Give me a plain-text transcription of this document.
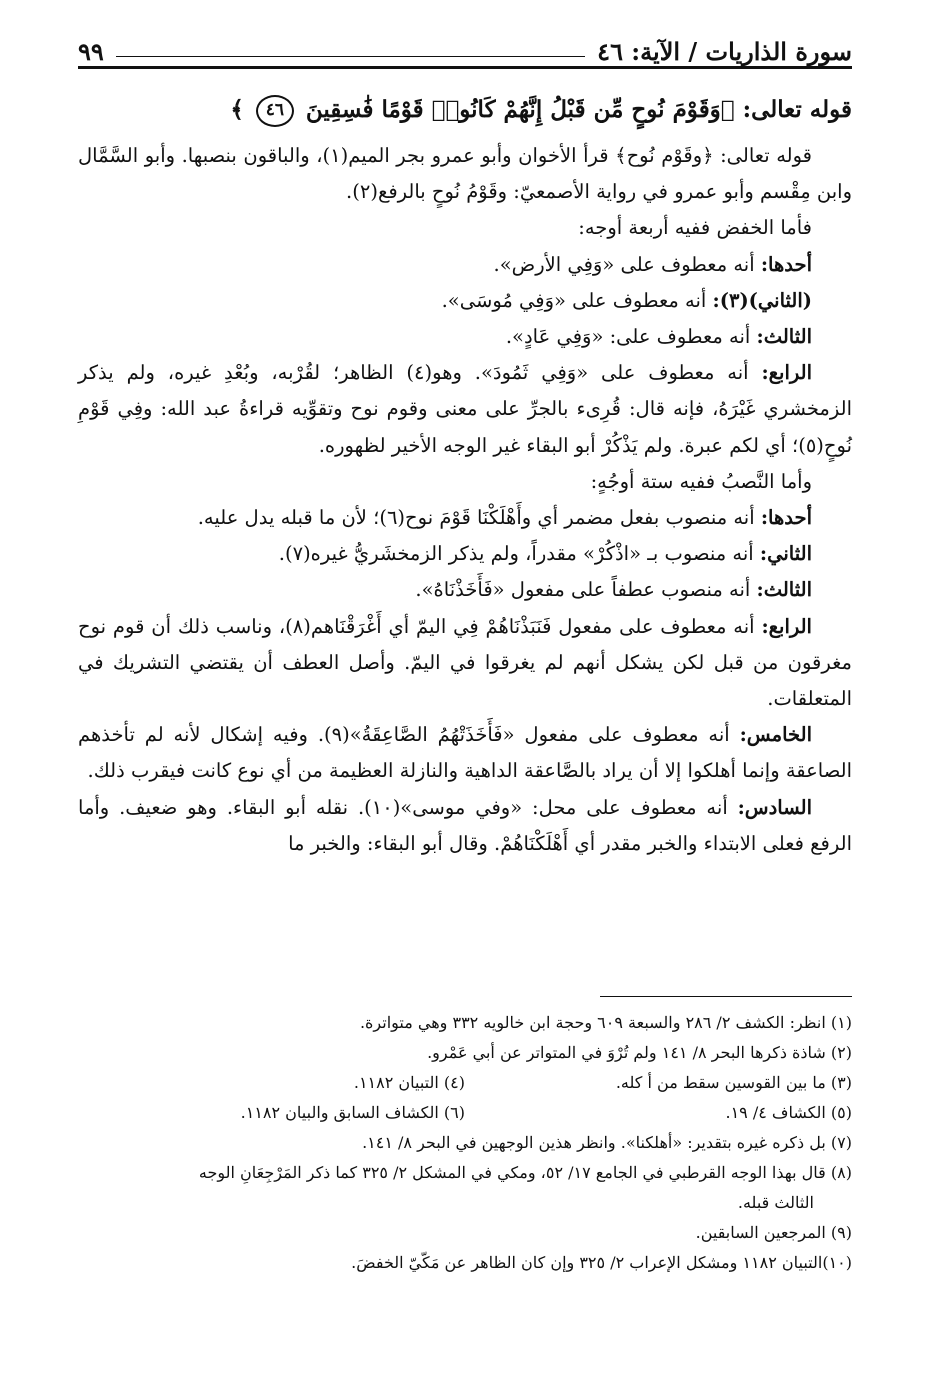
سورة الذاريات / الآية: ٤٦
٩٩

قوله تعالى: ﴿وَقَوْمَ نُوحٍ مِّن قَبْلُ إِنَّهُمْ كَانُوا۟ قَوْمًا فَٰسِقِينَ ٤٦ ﴾

قوله تعالى: ﴿وقَوْم نُوح﴾ قرأ الأخوان وأبو عمرو بجر الميم(١)، والباقون بنصبها. وأبو السَّمَّال وابن مِقْسم وأبو عمرو في رواية الأصمعيّ: وقَوْمُ نُوحٍ بالرفع(٢).

فأما الخفض ففيه أربعة أوجه:

أحدها: أنه معطوف على «وَفِي الأرض».

(الثاني)(٣): أنه معطوف على «وَفِي مُوسَى».

الثالث: أنه معطوف على: «وَفِي عَادٍ».

الرابع: أنه معطوف على «وَفِي ثَمُودَ». وهو(٤) الظاهر؛ لقُرْبه، وبُعْدِ غيره، ولم يذكر الزمخشري غَيْرَهُ، فإنه قال: قُرِىء بالجرِّ على معنى وقوم نوح وتقوِّيه قراءةُ عبد الله: وفِي قَوْمِ نُوحٍ(٥)؛ أي لكم عبرة. ولم يَذْكُرْ أبو البقاء غير الوجه الأخير لظهوره.

وأما النَّصبُ ففيه ستة أوجُهٍ:

أحدها: أنه منصوب بفعل مضمر أي وأَهْلَكْنَا قَوْمَ نوح(٦)؛ لأن ما قبله يدل عليه.

الثاني: أنه منصوب بـ «اذْكُرْ» مقدراً، ولم يذكر الزمخشَريُّ غيره(٧).

الثالث: أنه منصوب عطفاً على مفعول «فَأَخَذْنَاهُ».

الرابع: أنه معطوف على مفعول فَنَبَذْنَاهُمْ فِي اليمّ أي أَغْرَقْنَاهم(٨)، وناسب ذلك أن قوم نوح مغرقون من قبل لكن يشكل أنهم لم يغرقوا في اليمّ. وأصل العطف أن يقتضي التشريك في المتعلقات.

الخامس: أنه معطوف على مفعول «فَأَخَذَتْهُمُ الصَّاعِقَةُ»(٩). وفيه إشكال لأنه لم تأخذهم الصاعقة وإنما أهلكوا إلا أن يراد بالصَّاعقة الداهية والنازلة العظيمة من أي نوع كانت فيقرب ذلك.

السادس: أنه معطوف على محل: «وفي موسى»(١٠). نقله أبو البقاء. وهو ضعيف. وأما الرفع فعلى الابتداء والخبر مقدر أي أَهْلَكْنَاهُمْ. وقال أبو البقاء: والخبر ما

(١) انظر: الكشف ٢/ ٢٨٦ والسبعة ٦٠٩ وحجة ابن خالويه ٣٣٢ وهي متواترة.
(٢) شاذة ذكرها البحر ٨/ ١٤١ ولم تُرْوَ في المتواتر عن أبي عَمْرو.
(٣) ما بين القوسين سقط من أ كله.
(٤) التبيان ١١٨٢.
(٥) الكشاف ٤/ ١٩.
(٦) الكشاف السابق والبيان ١١٨٢.
(٧) بل ذكره غيره بتقدير: «أهلكنا». وانظر هذين الوجهين في البحر ٨/ ١٤١.
(٨) قال بهذا الوجه القرطبي في الجامع ١٧/ ٥٢، ومكي في المشكل ٢/ ٣٢٥ كما ذكر المَرْجِعَانِ الوجه
الثالث قبله.
(٩) المرجعين السابقين.
(١٠)التبيان ١١٨٢ ومشكل الإعراب ٢/ ٣٢٥ وإن كان الظاهر عن مَكّيّ الخفضَ.
